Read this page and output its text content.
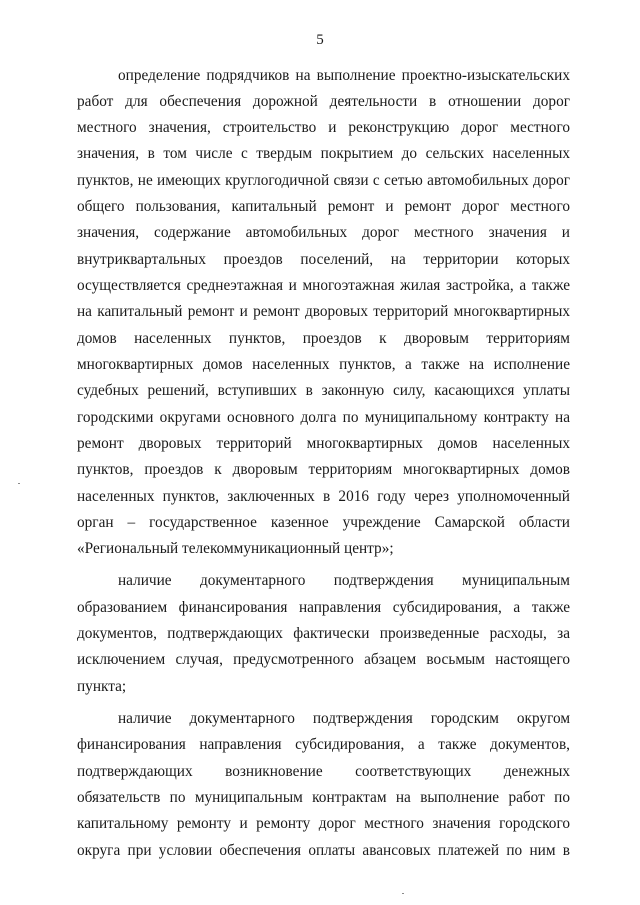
5
определение подрядчиков на выполнение проектно-изыскательских
работ для обеспечения дорожной деятельности в отношении дорог
местного значения, строительство и реконструкцию дорог местного
значения, в том числе с твердым покрытием до сельских населенных
пунктов, не имеющих круглогодичной связи с сетью автомобильных дорог
общего пользования, капитальный ремонт и ремонт дорог местного
значения, содержание автомобильных дорог местного значения и
внутриквартальных проездов поселений, на территории которых
осуществляется среднеэтажная и многоэтажная жилая застройка, а также
на капитальный ремонт и ремонт дворовых территорий многоквартирных
домов населенных пунктов, проездов к дворовым территориям
многоквартирных домов населенных пунктов, а также на исполнение
судебных решений, вступивших в законную силу, касающихся уплаты
городскими округами основного долга по муниципальному контракту на
ремонт дворовых территорий многоквартирных домов населенных
пунктов, проездов к дворовым территориям многоквартирных домов
населенных пунктов, заключенных в 2016 году через уполномоченный
орган – государственное казенное учреждение Самарской области
«Региональный телекоммуникационный центр»;
наличие документарного подтверждения муниципальным
образованием финансирования направления субсидирования, а также
документов, подтверждающих фактически произведенные расходы, за
исключением случая, предусмотренного абзацем восьмым настоящего
пункта;
наличие документарного подтверждения городским округом
финансирования направления субсидирования, а также документов,
подтверждающих возникновение соответствующих денежных
обязательств по муниципальным контрактам на выполнение работ по
капитальному ремонту и ремонту дорог местного значения городского
округа при условии обеспечения оплаты авансовых платежей по ним в
